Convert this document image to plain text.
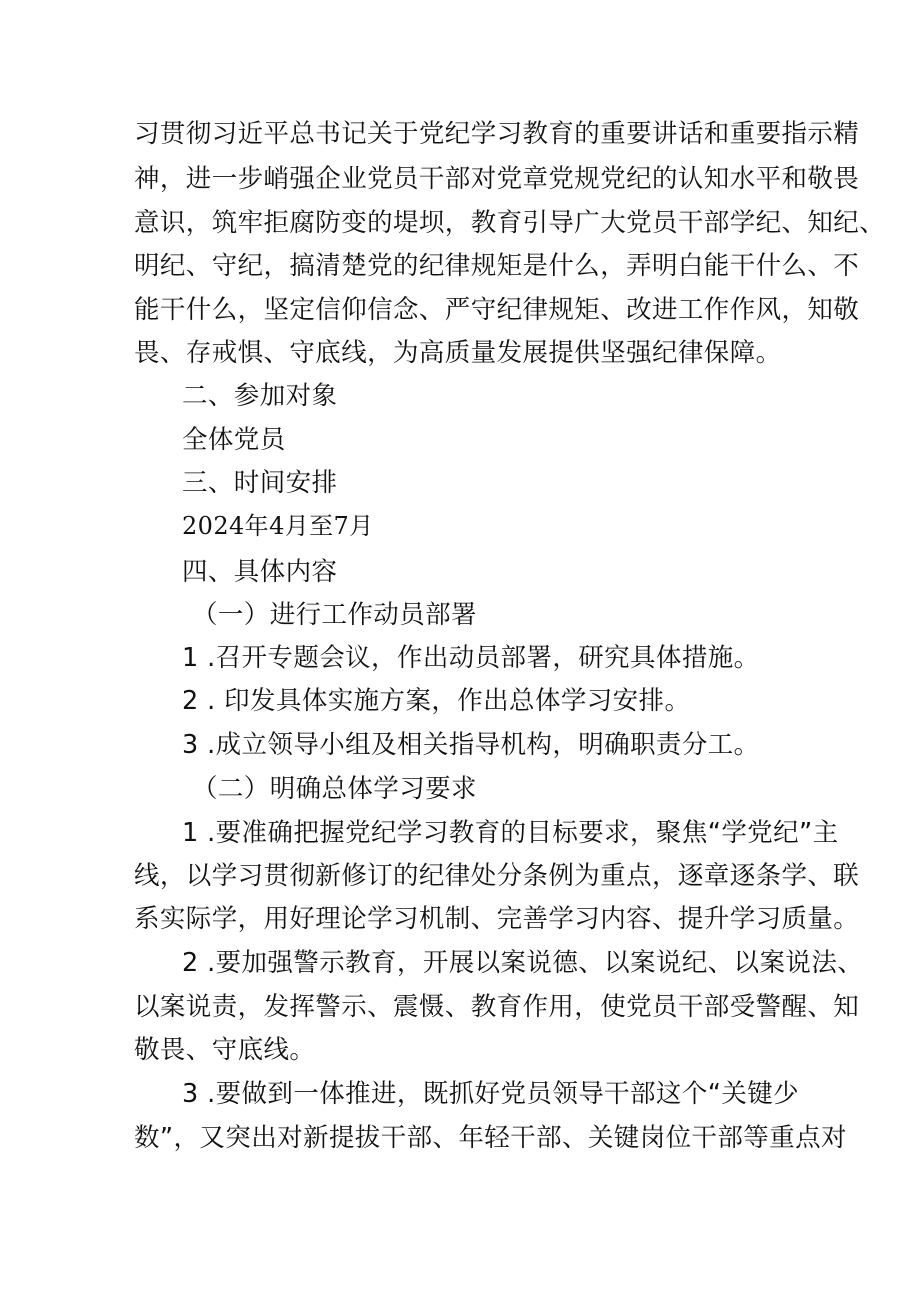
习贯彻习近平总书记关于党纪学习教育的重要讲话和重要指示精
神，进一步峭强企业党员干部对党章党规党纪的认知水平和敬畏
意识，筑牢拒腐防变的堤坝，教育引导广大党员干部学纪、知纪、
明纪、守纪，搞清楚党的纪律规矩是什么，弄明白能干什么、不
能干什么，坚定信仰信念、严守纪律规矩、改进工作作风，知敬
畏、存戒惧、守底线，为高质量发展提供坚强纪律保障。
二、参加对象
全体党员
三、时间安排
2024年4月至7月
四、具体内容
（一）进行工作动员部署
1 .召开专题会议，作出动员部署，研究具体措施。
2 . 印发具体实施方案，作出总体学习安排。
3 .成立领导小组及相关指导机构，明确职责分工。
（二）明确总体学习要求
1 .要准确把握党纪学习教育的目标要求，聚焦“学党纪”主
线，以学习贯彻新修订的纪律处分条例为重点，逐章逐条学、联
系实际学，用好理论学习机制、完善学习内容、提升学习质量。
2 .要加强警示教育，开展以案说德、以案说纪、以案说法、
以案说责，发挥警示、震慑、教育作用，使党员干部受警醒、知
敬畏、守底线。
3 .要做到一体推进，既抓好党员领导干部这个“关键少
数”，又突出对新提拔干部、年轻干部、关键岗位干部等重点对
